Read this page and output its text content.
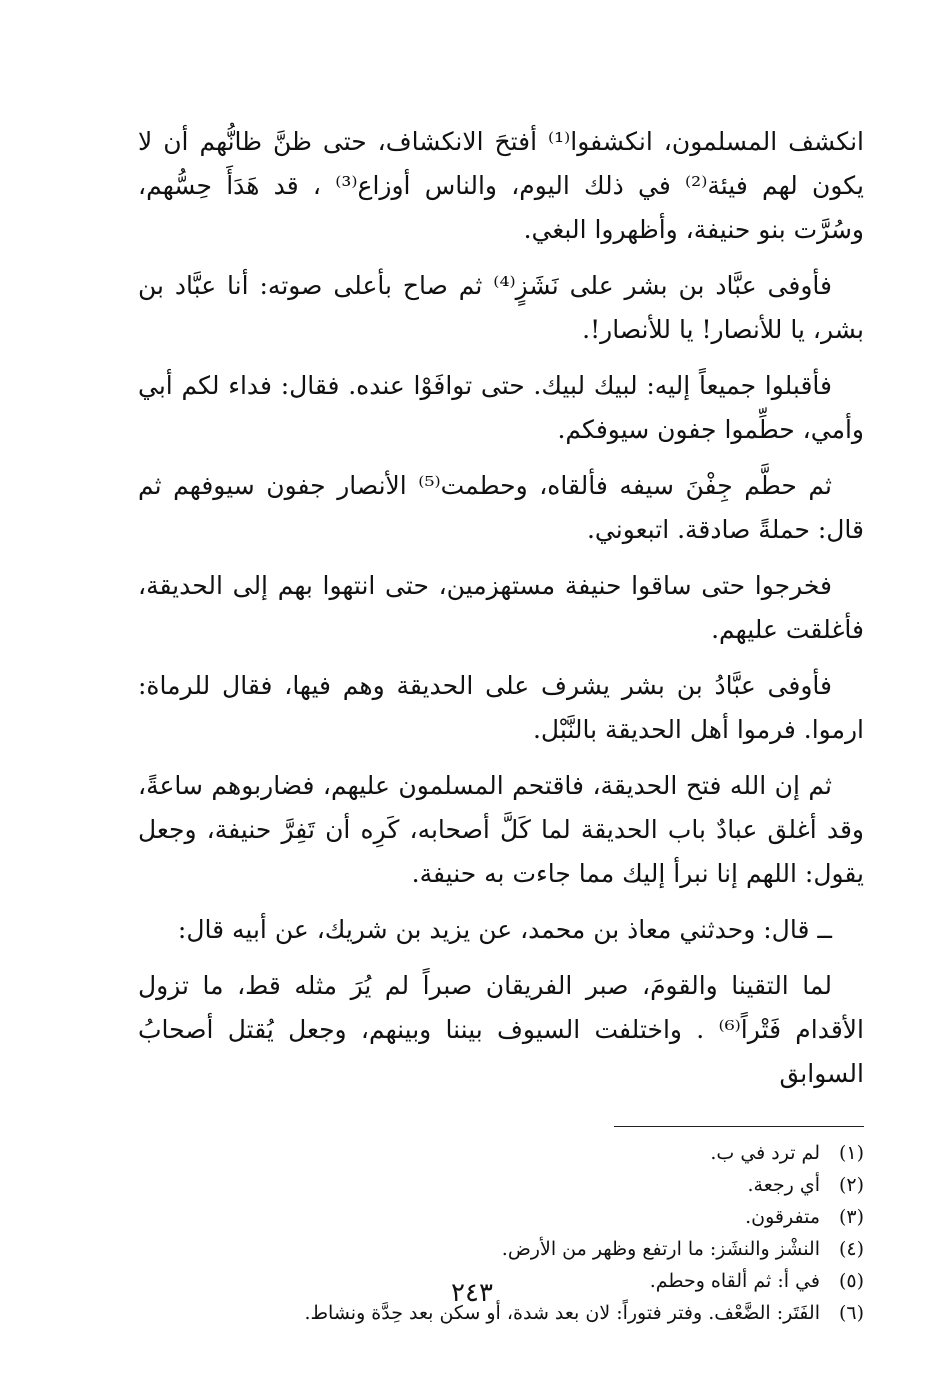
انكشف المسلمون، انكشفوا⁽¹⁾ أفتحَ الانكشاف، حتى ظنَّ ظانُّهم أن لا يكون لهم فيئة⁽²⁾ في ذلك اليوم، والناس أوزاع⁽³⁾ ، قد هَدَأَ حِسُّهم، وسُرَّت بنو حنيفة، وأظهروا البغي.

فأوفى عبَّاد بن بشر على نَشَزٍ⁽⁴⁾ ثم صاح بأعلى صوته: أنا عبَّاد بن بشر، يا للأنصار! يا للأنصار!.

فأقبلوا جميعاً إليه: لبيك لبيك. حتى توافَوْا عنده. فقال: فداء لكم أبي وأمي، حطِّموا جفون سيوفكم.

ثم حطَّم جِفْنَ سيفه فألقاه، وحطمت⁽⁵⁾ الأنصار جفون سيوفهم ثم قال: حملةً صادقة. اتبعوني.

فخرجوا حتى ساقوا حنيفة مستهزمين، حتى انتهوا بهم إلى الحديقة، فأغلقت عليهم.

فأوفى عبَّادُ بن بشر يشرف على الحديقة وهم فيها، فقال للرماة: ارموا. فرموا أهل الحديقة بالنَّبْل.

ثم إن الله فتح الحديقة، فاقتحم المسلمون عليهم، فضاربوهم ساعةً، وقد أغلق عبادٌ باب الحديقة لما كَلَّ أصحابه، كَرِه أن تَفِرَّ حنيفة، وجعل يقول: اللهم إنا نبرأ إليك مما جاءت به حنيفة.

ــ قال: وحدثني معاذ بن محمد، عن يزيد بن شريك، عن أبيه قال:

لما التقينا والقومَ، صبر الفريقان صبراً لم يُرَ مثله قط، ما تزول الأقدام فَتْراً⁽⁶⁾ . واختلفت السيوف بيننا وبينهم، وجعل يُقتل أصحابُ السوابق

(١)
لم ترد في ب.
(٢)
أي رجعة.
(٣)
متفرقون.
(٤)
النشْز والنشَز: ما ارتفع وظهر من الأرض.
(٥)
في أ: ثم ألقاه وحطم.
(٦)
الفَتَر: الضَّعْف. وفتر فتوراً: لان بعد شدة، أو سكن بعد حِدَّة ونشاط.
٢٤٣
